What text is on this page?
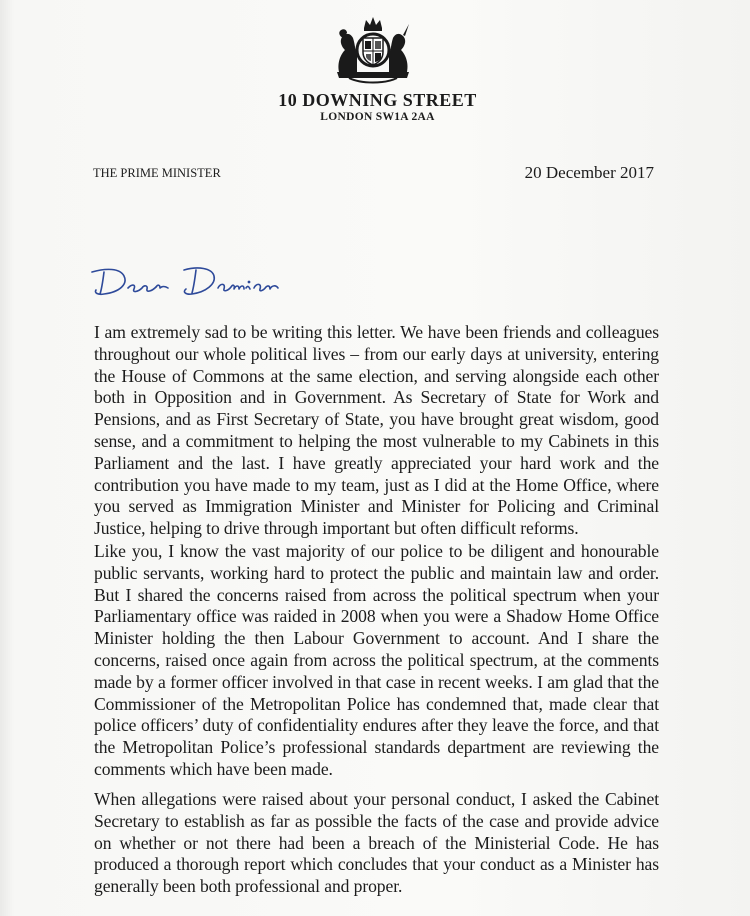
10 DOWNING STREET
LONDON SW1A 2AA
THE PRIME MINISTER	20 December 2017

I am extremely sad to be writing this letter. We have been friends and colleagues throughout our whole political lives – from our early days at university, entering the House of Commons at the same election, and serving alongside each other both in Opposition and in Government. As Secretary of State for Work and Pensions, and as First Secretary of State, you have brought great wisdom, good sense, and a commitment to helping the most vulnerable to my Cabinets in this Parliament and the last. I have greatly appreciated your hard work and the contribution you have made to my team, just as I did at the Home Office, where you served as Immigration Minister and Minister for Policing and Criminal Justice, helping to drive through important but often difficult reforms.

Like you, I know the vast majority of our police to be diligent and honourable public servants, working hard to protect the public and maintain law and order. But I shared the concerns raised from across the political spectrum when your Parliamentary office was raided in 2008 when you were a Shadow Home Office Minister holding the then Labour Government to account. And I share the concerns, raised once again from across the political spectrum, at the comments made by a former officer involved in that case in recent weeks. I am glad that the Commissioner of the Metropolitan Police has condemned that, made clear that police officers’ duty of confidentiality endures after they leave the force, and that the Metropolitan Police’s professional standards department are reviewing the comments which have been made.

When allegations were raised about your personal conduct, I asked the Cabinet Secretary to establish as far as possible the facts of the case and provide advice on whether or not there had been a breach of the Ministerial Code. He has produced a thorough report which concludes that your conduct as a Minister has generally been both professional and proper.
